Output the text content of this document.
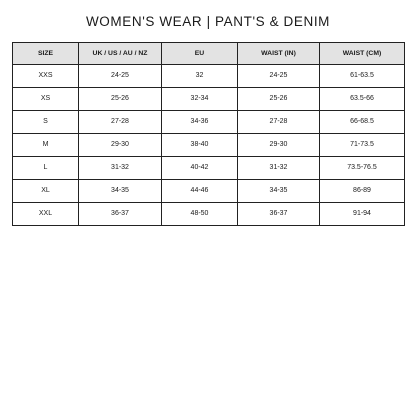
WOMEN'S WEAR | PANT'S & DENIM
SIZE	UK / US / AU / NZ	EU	WAIST (IN)	WAIST (CM)
XXS	24-25	32	24-25	61-63.5
XS	25-26	32-34	25-26	63.5-66
S	27-28	34-36	27-28	66-68.5
M	29-30	38-40	29-30	71-73.5
L	31-32	40-42	31-32	73.5-76.5
XL	34-35	44-46	34-35	86-89
XXL	36-37	48-50	36-37	91-94
